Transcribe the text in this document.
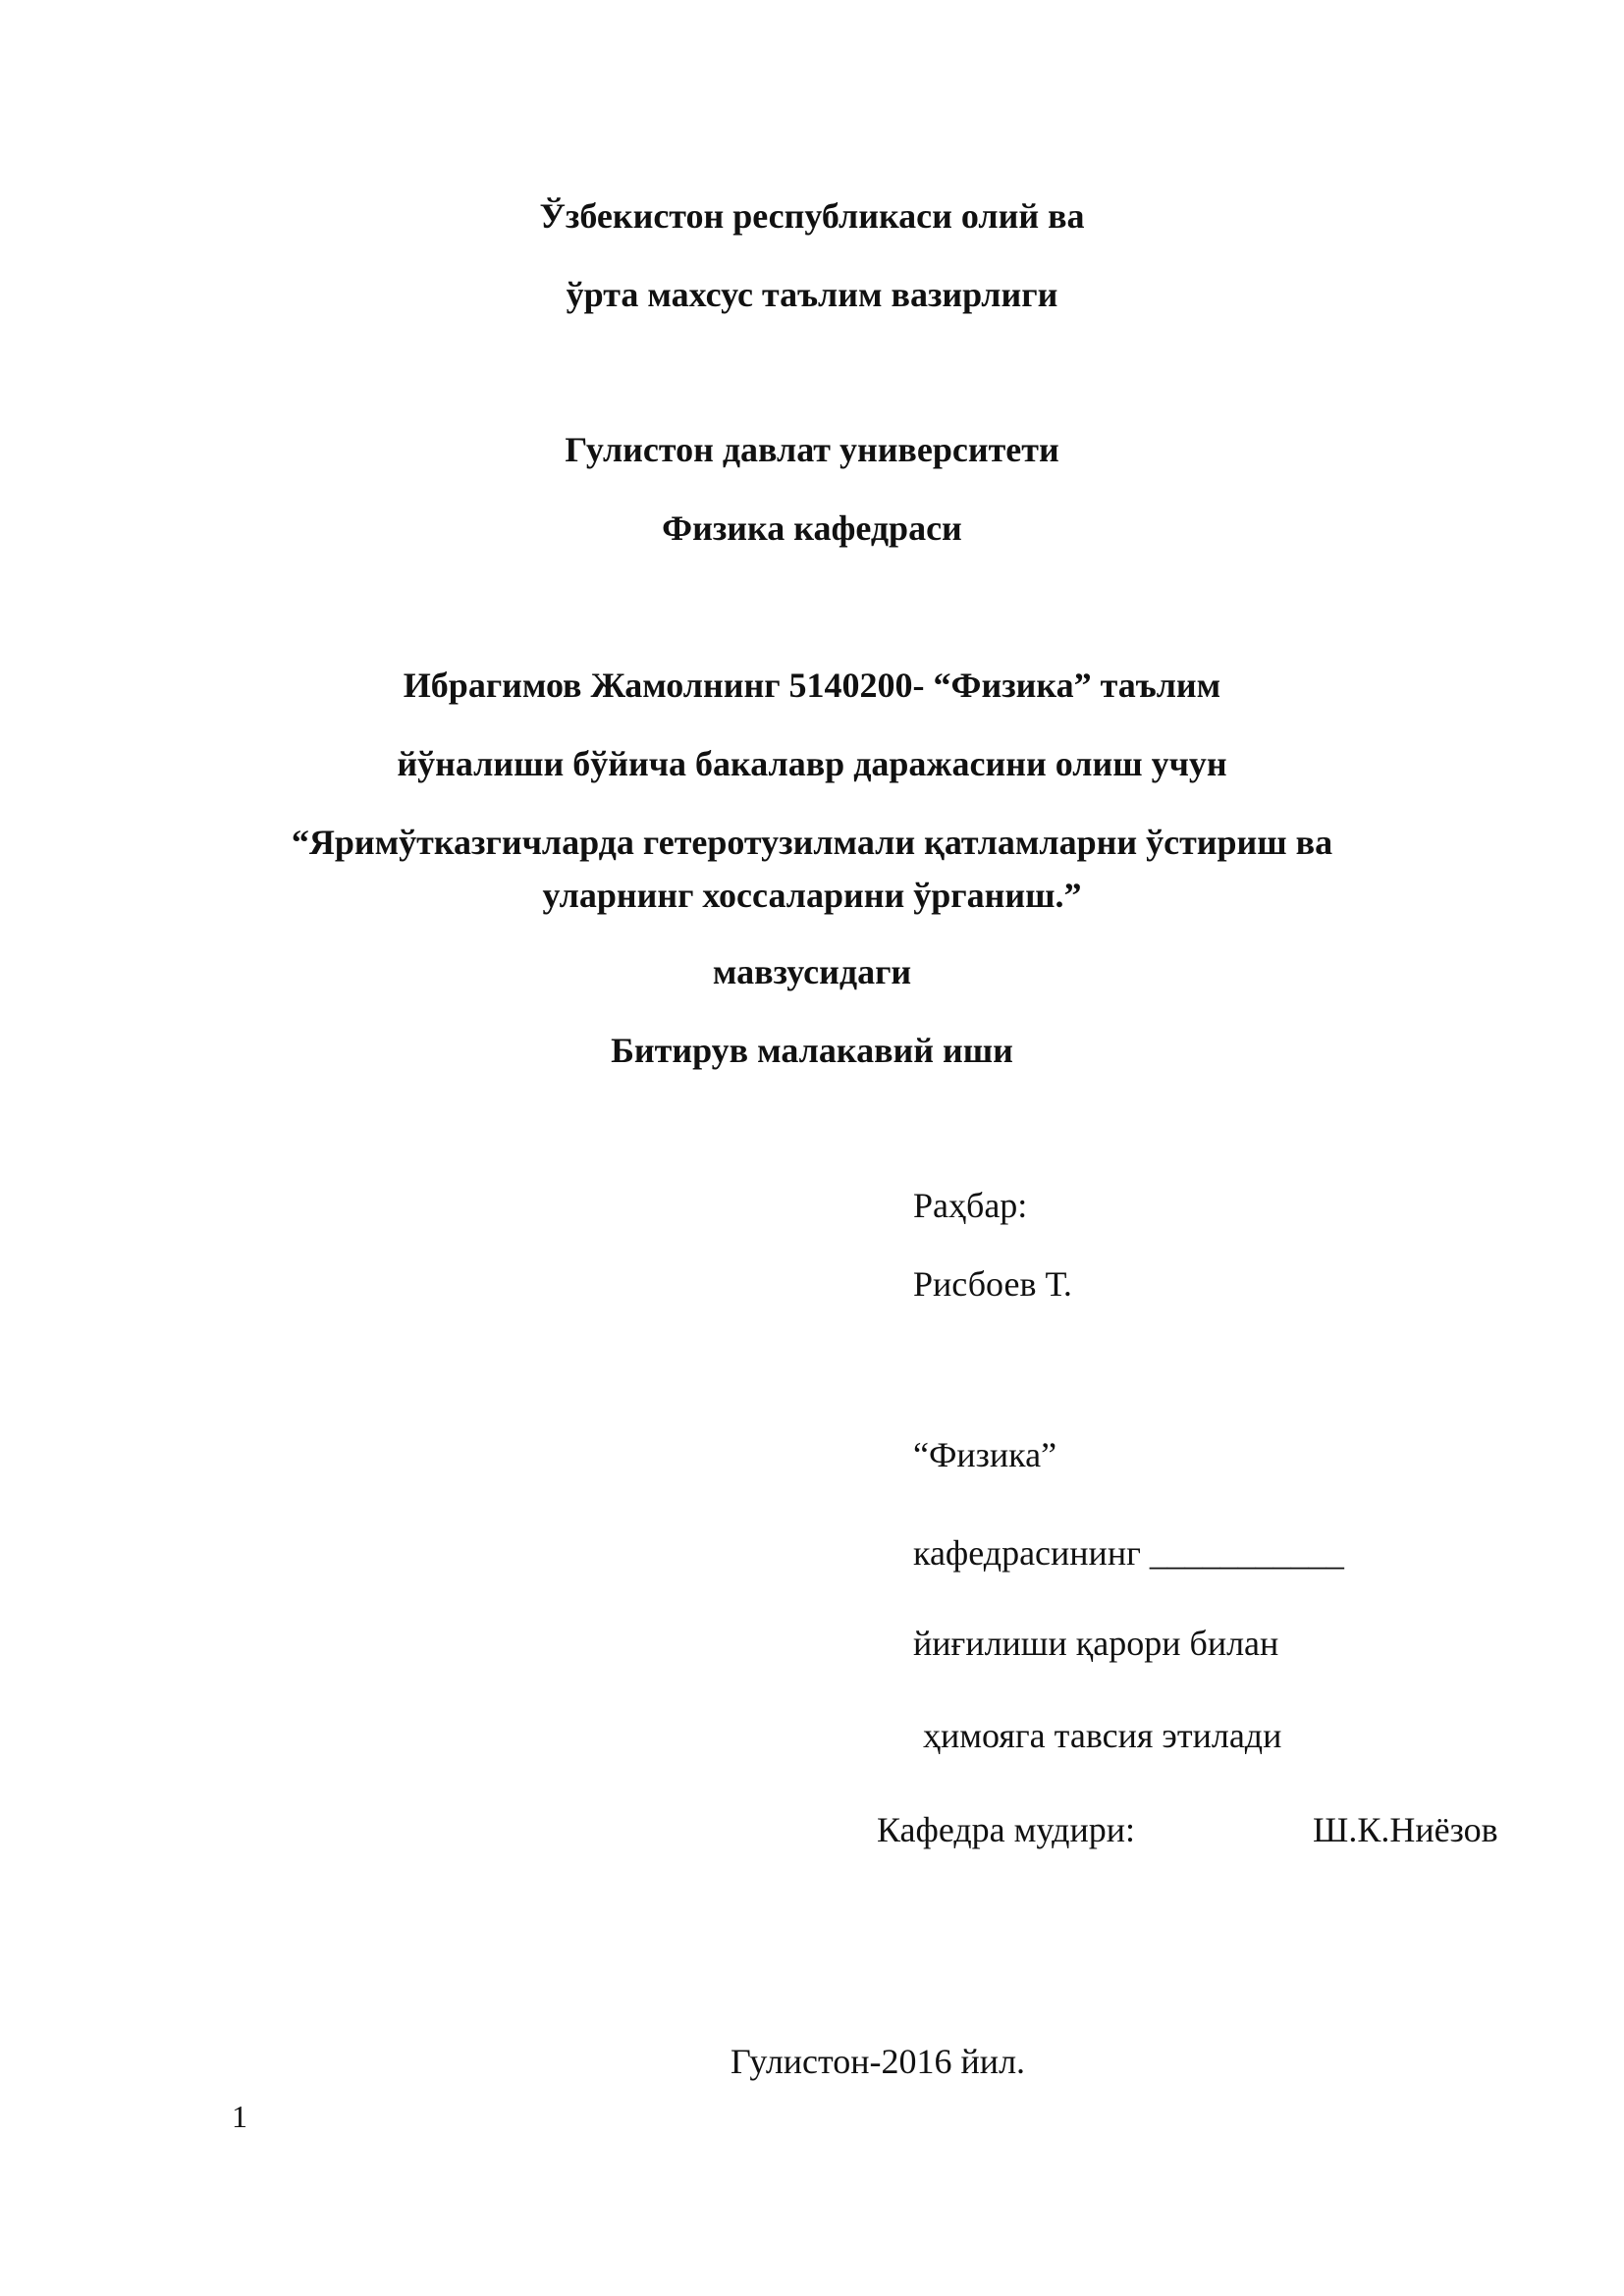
Ўзбекистон республикаси олий ва
ўрта махсус таълим вазирлиги
Гулистон давлат университети
Физика кафедраси
Ибрагимов Жамолнинг 5140200- “Физика” таълим
йўналиши бўйича бакалавр даражасини олиш учун
“Яримўтказгичларда гетеротузилмали қатламларни ўстириш ва
уларнинг хоссаларини ўрганиш.”
мавзусидаги
Битирув малакавий иши
Раҳбар:
Рисбоев Т.
“Физика”
кафедрасининг ___________
йиғилиши қарори билан
ҳимояга тавсия этилади
Кафедра мудири:	Ш.К.Ниёзов
Гулистон-2016 йил.
1
